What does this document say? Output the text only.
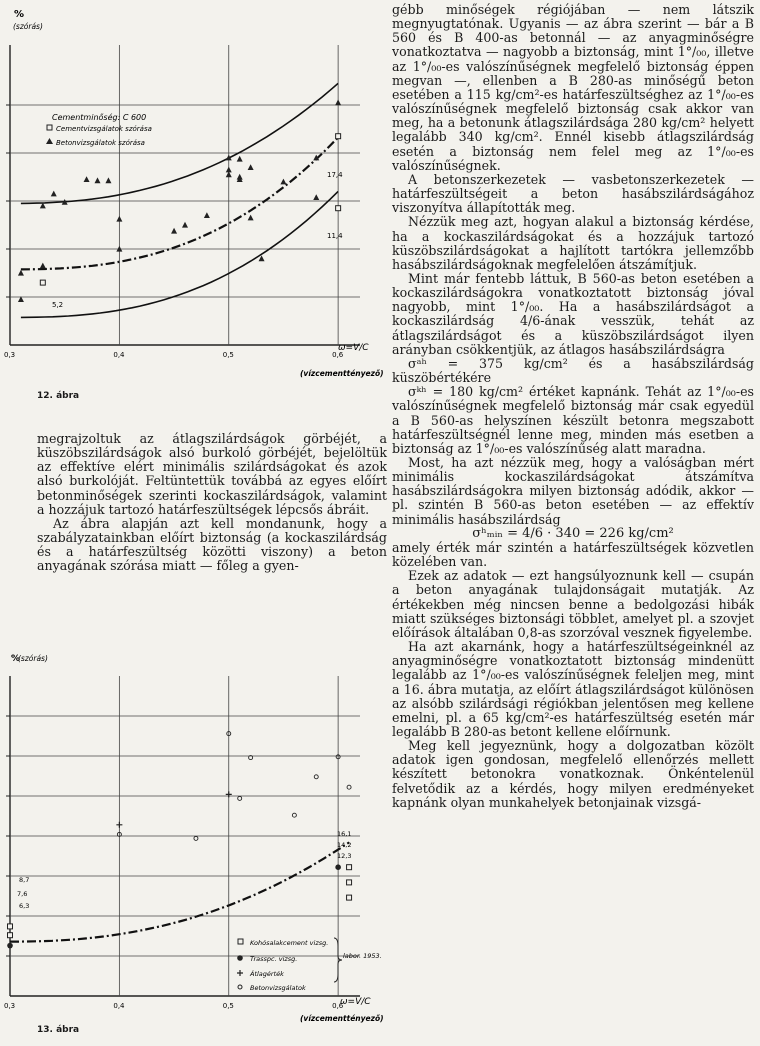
%
(szórás)
0,3	0,4	0,5	0,6
ω=V/C
(vízcementtényező)
Cementminőség: C 600
Cementvizsgálatok szórása
Betonvizsgálatok szórása
17,4
11,4
5,2
12. ábra

megrajzoltuk az átlagszilárdságok görbéjét, a küszöbszilárdságok alsó burkoló görbéjét, bejelöltük az effektíve elért minimális szilárdságokat és azok alsó burkolóját. Feltüntettük továbbá az egyes előírt betonminőségek szerinti kockaszilárdságok, valamint a hozzájuk tartozó határfeszültségek lépcsős ábráit.

Az ábra alapján azt kell mondanunk, hogy a szabályzatainkban előírt biztonság (a kockaszilárdság és a határfeszültség közötti viszony) a beton anyagának szórása miatt — főleg a gyen-

%
(szórás)
0,3	0,4	0,5	0,6
ω=V/C
(vízcementtényező)
Kohósalakcement vizsg.
Trasspc. vizsg.
Átlagérték
Betonvizsgálatok
labor. 1953.
8,7
7,6
6,3
16,1
14,2
12,3
13. ábra

gébb minőségek régiójában — nem látszik megnyugtatónak. Ugyanis — az ábra szerint — bár a B 560 és B 400-as betonnál — az anyagminőségre vonatkoztatva — nagyobb a biztonság, mint 1°/₀₀, illetve az 1°/₀₀-es valószínűségnek megfelelő biztonság éppen megvan —, ellenben a B 280-as minőségű beton esetében a 115 kg/cm²-es határfeszültséghez az 1°/₀₀-es valószínűségnek megfelelő biztonság csak akkor van meg, ha a betonunk átlagszilárdsága 280 kg/cm² helyett legalább 340 kg/cm². Ennél kisebb átlagszilárdság esetén a biztonság nem felel meg az 1°/₀₀-es valószínűségnek.

A betonszerkezetek — vasbetonszerkezetek — határfeszültségeit a beton hasábszilárdságához viszonyítva állapították meg.

Nézzük meg azt, hogyan alakul a biztonság kérdése, ha a kockaszilárdságokat és a hozzájuk tartozó küszöbszilárdságokat a hajlított tartókra jellemzőbb hasábszilárdságoknak megfelelően átszámítjuk.

Mint már fentebb láttuk, B 560-as beton esetében a kockaszilárdságokra vonatkoztatott biztonság jóval nagyobb, mint 1°/₀₀. Ha a hasábszilárdságot a kockaszilárdság 4/6-ának vesszük, tehát az átlagszilárdságot és a küszöbszilárdságot ilyen arányban csökkentjük, az átlagos hasábszilárdságra

σᵃʰ = 375 kg/cm² és a hasábszilárdság küszöbértékére

σᵏʰ = 180 kg/cm² értéket kapnánk. Tehát az 1°/₀₀-es valószínűségnek megfelelő biztonság már csak egyedül a B 560-as helyszínen készült betonra megszabott határfeszültségnél lenne meg, minden más esetben a biztonság az 1°/₀₀-es valószínűség alatt maradna.

Most, ha azt nézzük meg, hogy a valóságban mért minimális kockaszilárdságokat átszámítva hasábszilárdságokra milyen biztonság adódik, akkor — pl. szintén B 560-as beton esetében — az effektív minimális hasábszilárdság

σʰₘᵢₙ = 4/6 · 340 = 226 kg/cm²

amely érték már szintén a határfeszültségek közvetlen közelében van.

Ezek az adatok — ezt hangsúlyoznunk kell — csupán a beton anyagának tulajdonságait mutatják. Az értékekben még nincsen benne a bedolgozási hibák miatt szükséges biztonsági többlet, amelyet pl. a szovjet előírások általában 0,8-as szorzóval vesznek figyelembe.

Ha azt akarnánk, hogy a határfeszültségeinknél az anyagminőségre vonatkoztatott biztonság mindenütt legalább az 1°/₀₀-es valószínűségnek feleljen meg, mint a 16. ábra mutatja, az előírt átlagszilárdságot különösen az alsóbb szilárdsági régiókban jelentősen meg kellene emelni, pl. a 65 kg/cm²-es határfeszültség esetén már legalább B 280-as betont kellene előírnunk.

Meg kell jegyeznünk, hogy a dolgozatban közölt adatok igen gondosan, megfelelő ellenőrzés mellett készített betonokra vonatkoznak. Önkéntelenül felvetődik az a kérdés, hogy milyen eredményeket kapnánk olyan munkahelyek betonjainak vizsgá-
